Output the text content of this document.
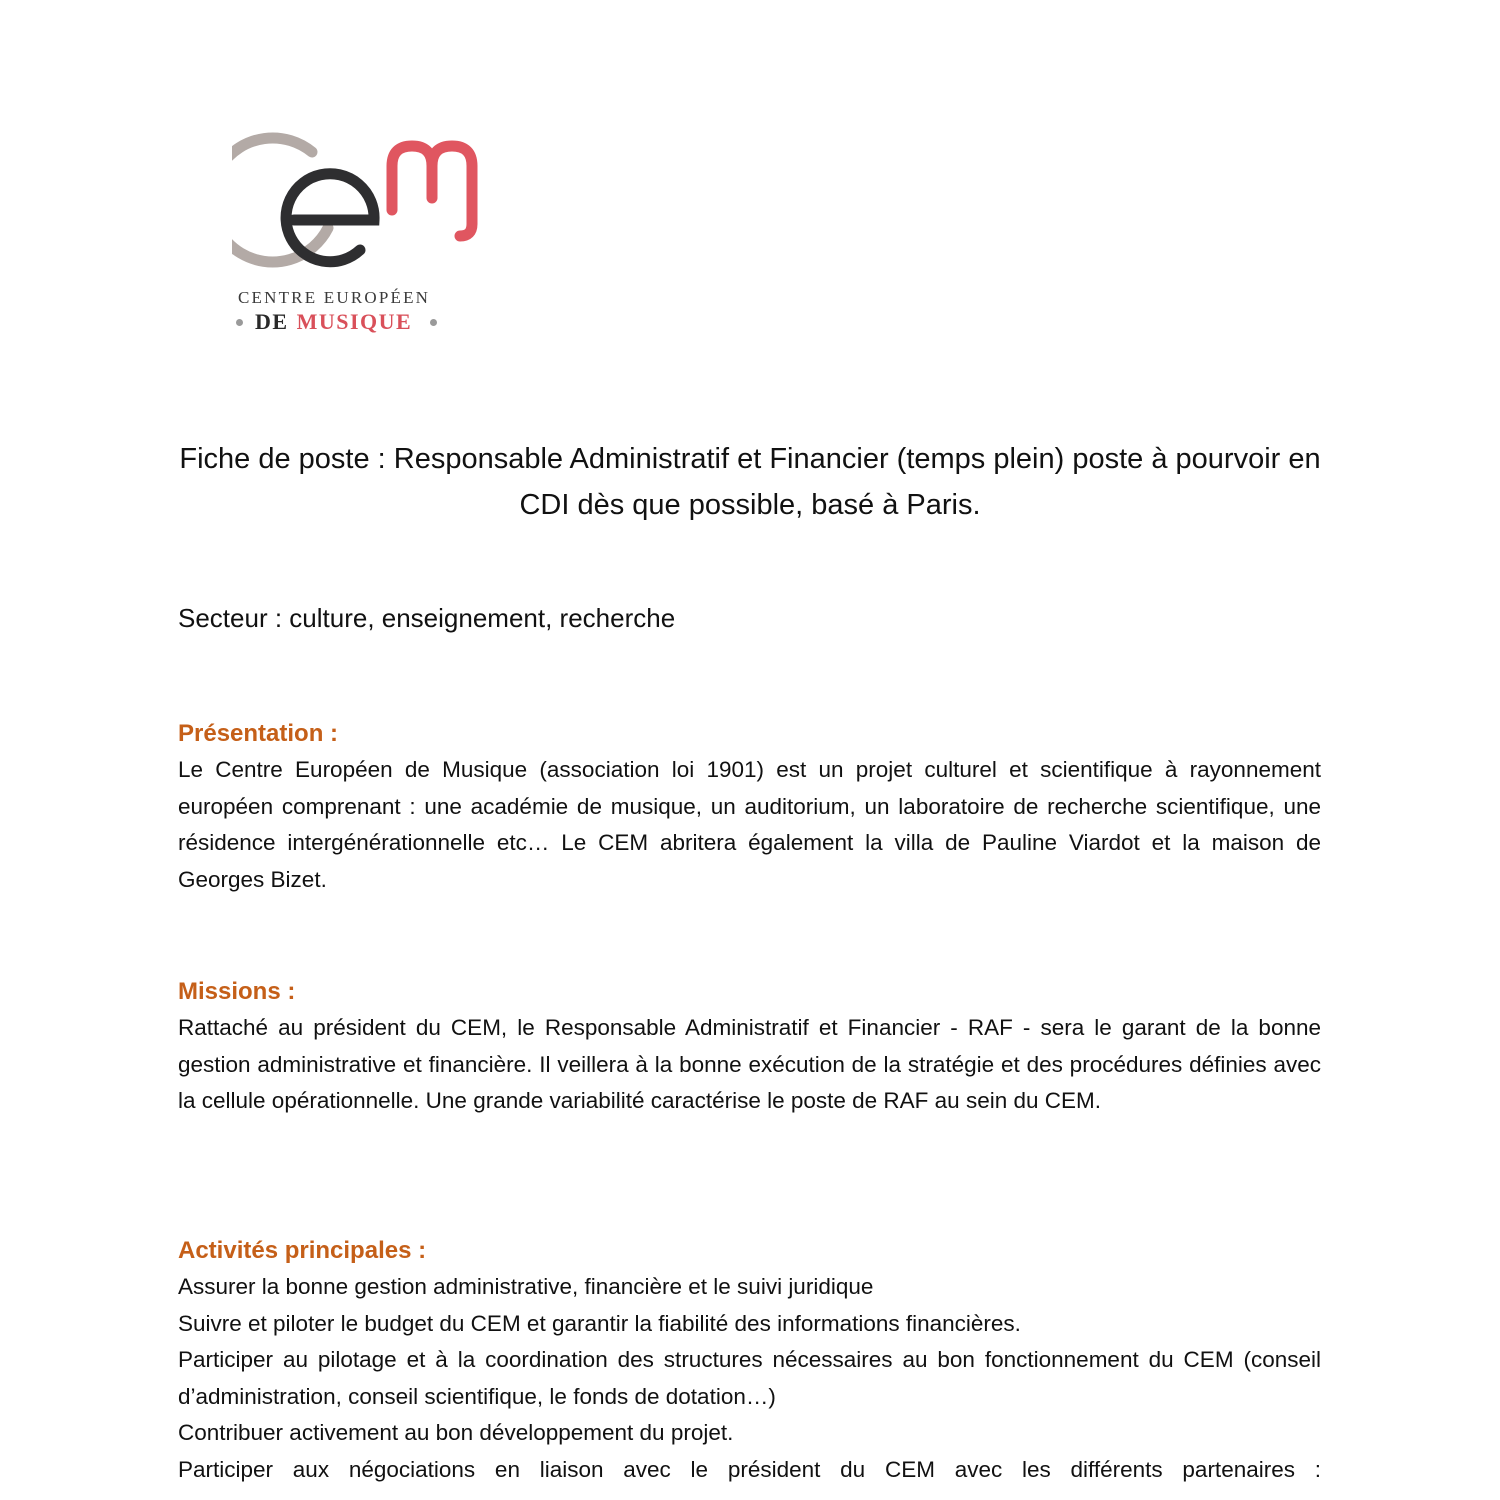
CENTRE EUROPÉEN
DE MUSIQUE
Fiche de poste : Responsable Administratif et Financier (temps plein) poste à pourvoir en CDI dès que possible, basé à Paris.
Secteur : culture, enseignement, recherche
Présentation :

Le Centre Européen de Musique (association loi 1901) est un projet culturel et scientifique à rayonnement européen comprenant : une académie de musique, un auditorium, un laboratoire de recherche scientifique, une résidence intergénérationnelle etc… Le CEM abritera également la villa de Pauline Viardot et la maison de Georges Bizet.

Missions :

Rattaché au président du CEM, le Responsable Administratif et Financier - RAF - sera le garant de la bonne gestion administrative et financière. Il veillera à la bonne exécution de la stratégie et des procédures définies avec la cellule opérationnelle. Une grande variabilité caractérise le poste de RAF au sein du CEM.

Activités principales :

Assurer la bonne gestion administrative, financière et le suivi juridique

Suivre et piloter le budget du CEM et garantir la fiabilité des informations financières.

Participer au pilotage et à la coordination des structures nécessaires au bon fonctionnement du CEM (conseil d’administration, conseil scientifique, le fonds de dotation…)

Contribuer activement au bon développement du projet.

Participer aux négociations en liaison avec le président du CEM avec les différents partenaires :
